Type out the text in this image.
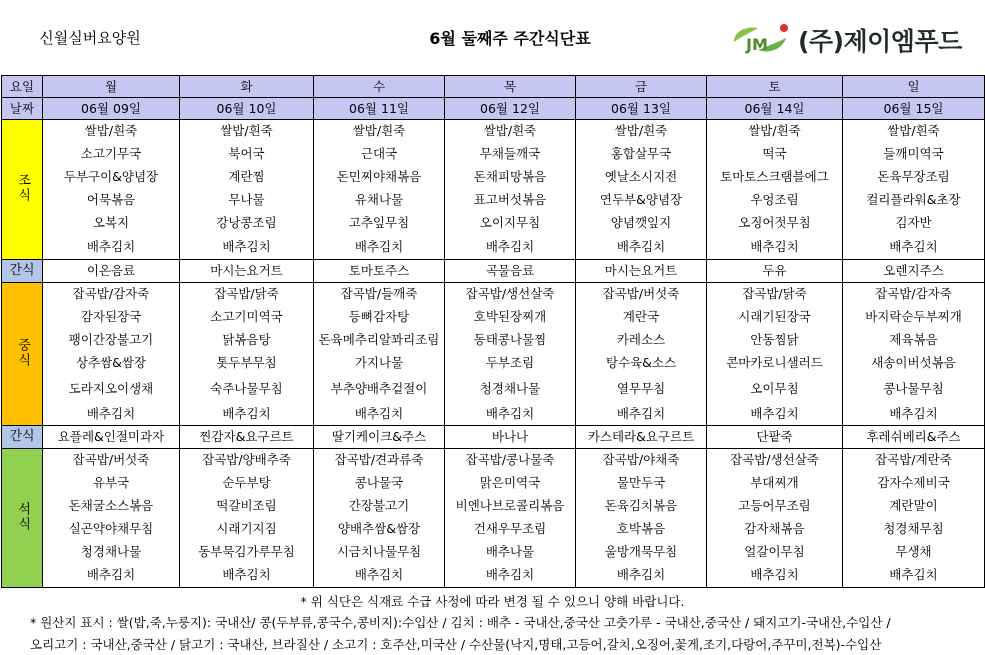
신월실버요양원	6월 둘째주 주간식단표	JM (주)제이엠푸드
요일	월	화	수	목	금	토	일
날짜	06월 09일	06월 10일	06월 11일	06월 12일	06월 13일	06월 14일	06월 15일
조식	쌀밥/흰죽	쌀밥/흰죽	쌀밥/흰죽	쌀밥/흰죽	쌀밥/흰죽	쌀밥/흰죽	쌀밥/흰죽
	소고기무국	북어국	근대국	무채들깨국	홍합살무국	떡국	들깨미역국
	두부구이&양념장	계란찜	돈민찌야채볶음	돈채피망볶음	옛날소시지전	토마토스크램블에그	돈육무장조림
	어묵볶음	무나물	유채나물	표고버섯볶음	연두부&양념장	우엉조림	컬리플라워&초장
	오복지	강낭콩조림	고추잎무침	오이지무침	양념깻잎지	오징어젓무침	김자반
	배추김치	배추김치	배추김치	배추김치	배추김치	배추김치	배추김치
간식	이온음료	마시는요거트	토마토주스	곡물음료	마시는요거트	두유	오렌지주스
중식	잡곡밥/감자죽	잡곡밥/닭죽	잡곡밥/들깨죽	잡곡밥/생선살죽	잡곡밥/버섯죽	잡곡밥/닭죽	잡곡밥/감자죽
	감자된장국	소고기미역국	등뼈감자탕	호박된장찌개	계란국	시래기된장국	바지락순두부찌개
	팽이간장불고기	닭볶음탕	돈육메추리알꽈리조림	동태콩나물찜	카레소스	안동찜닭	제육볶음
	상추쌈&쌈장	톳두부무침	가지나물	두부조림	탕수육&소스	콘마카로니샐러드	새송이버섯볶음
	도라지오이생채	숙주나물무침	부추양배추겉절이	청경채나물	열무무침	오이무침	콩나물무침
	배추김치	배추김치	배추김치	배추김치	배추김치	배추김치	배추김치
간식	요플레&인절미과자	찐감자&요구르트	딸기케이크&주스	바나나	카스테라&요구르트	단팥죽	후레쉬베리&주스
석식	잡곡밥/버섯죽	잡곡밥/양배추죽	잡곡밥/견과류죽	잡곡밥/콩나물죽	잡곡밥/야채죽	잡곡밥/생선살죽	잡곡밥/계란죽
	유부국	순두부탕	콩나물국	맑은미역국	물만두국	부대찌개	감자수제비국
	돈채굴소스볶음	떡갈비조림	간장불고기	비엔나브로콜리볶음	돈육김치볶음	고등어무조림	계란말이
	실곤약야채무침	시래기지짐	양배추쌈&쌈장	건새우무조림	호박볶음	감자채볶음	청경채무침
	청경채나물	동부묵김가루무침	시금치나물무침	배추나물	울방개묵무침	얼갈이무침	무생채
	배추김치	배추김치	배추김치	배추김치	배추김치	배추김치	배추김치
* 위 식단은 식재료 수급 사정에 따라 변경 될 수 있으니 양해 바랍니다.
* 원산지 표시 : 쌀(밥,죽,누룽지): 국내산/ 콩(두부류,콩국수,콩비지):수입산 / 김치 : 배추 - 국내산,중국산 고춧가루 - 국내산,중국산 / 돼지고기-국내산,수입산 /
오리고기 : 국내산,중국산 / 닭고기 : 국내산, 브라질산 / 소고기 : 호주산,미국산 / 수산물(낙지,명태,고등어,갈치,오징어,꽃게,조기,다랑어,주꾸미,전복)-수입산
